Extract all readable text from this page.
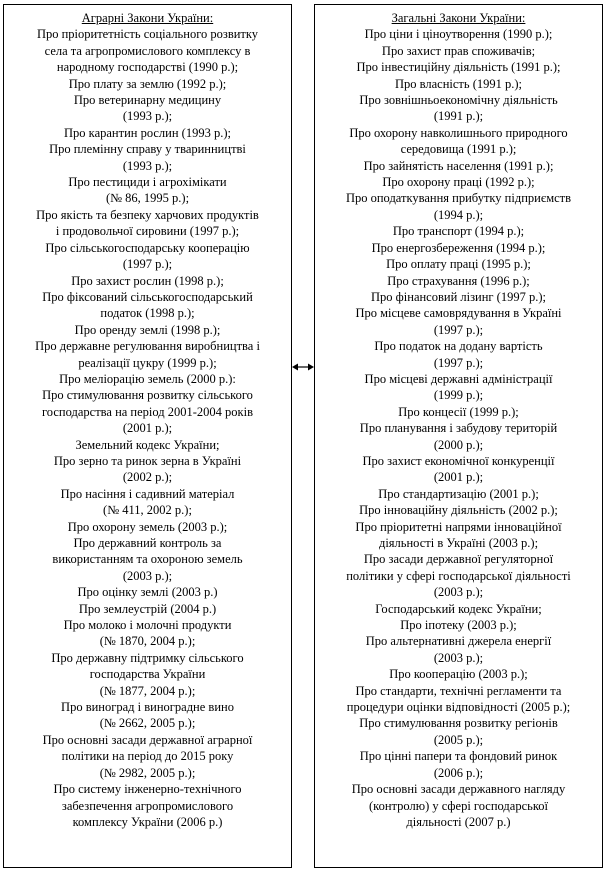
Аграрні Закони України:
Про пріоритетність соціального розвитку
села та агропромислового комплексу в
народному господарстві (1990 р.);
Про плату за землю (1992 р.);
Про ветеринарну медицину
(1993 р.);
Про карантин рослин (1993 р.);
Про племінну справу у тваринництві
(1993 р.);
Про пестициди і агрохімікати
(№ 86, 1995 р.);
Про якість та безпеку харчових продуктів
і продовольчої сировини (1997 р.);
Про сільськогосподарську кооперацію
(1997 р.);
Про захист рослин (1998 р.);
Про фіксований сільськогосподарський
податок (1998 р.);
Про оренду землі (1998 р.);
Про державне регулювання виробництва і
реалізації цукру (1999 р.);
Про меліорацію земель (2000 р.):
Про стимулювання розвитку сільського
господарства на період 2001-2004 років
(2001 р.);
Земельний кодекс України;
Про зерно та ринок зерна в Україні
(2002 р.);
Про насіння і садивний матеріал
(№ 411, 2002 р.);
Про охорону земель (2003 р.);
Про державний контроль за
використанням та охороною земель
(2003 р.);
Про оцінку землі (2003 р.)
Про землеустрій (2004 р.)
Про молоко і молочні продукти
(№ 1870, 2004 р.);
Про державну підтримку сільського
господарства України
(№ 1877, 2004 р.);
Про виноград і виноградне вино
(№ 2662, 2005 р.);
Про основні засади державної аграрної
політики на період до 2015 року
(№ 2982, 2005 р.);
Про систему інженерно-технічного
забезпечення агропромислового
комплексу України (2006 р.)
Загальні Закони України:
Про ціни і ціноутворення (1990 р.);
Про захист прав споживачів;
Про інвестиційну діяльність (1991 р.);
Про власність (1991 р.);
Про зовнішньоекономічну діяльність
(1991 р.);
Про охорону навколишнього природного
середовища (1991 р.);
Про зайнятість населення (1991 р.);
Про охорону праці (1992 р.);
Про оподаткування прибутку підприємств
(1994 р.);
Про транспорт (1994 р.);
Про енергозбереження (1994 р.);
Про оплату праці (1995 р.);
Про страхування (1996 р.);
Про фінансовий лізинг (1997 р.);
Про місцеве самоврядування в Україні
(1997 р.);
Про податок на додану вартість
(1997 р.);
Про місцеві державні адміністрації
(1999 р.);
Про концесії (1999 р.);
Про планування і забудову територій
(2000 р.);
Про захист економічної конкуренції
(2001 р.);
Про стандартизацію (2001 р.);
Про інноваційну діяльність (2002 р.);
Про пріоритетні напрями інноваційної
діяльності в Україні (2003 р.);
Про засади державної регуляторної
політики у сфері господарської діяльності
(2003 р.);
Господарський кодекс України;
Про іпотеку (2003 р.);
Про альтернативні джерела енергії
(2003 р.);
Про кооперацію (2003 р.);
Про стандарти, технічні регламенти та
процедури оцінки відповідності (2005 р.);
Про стимулювання розвитку регіонів
(2005 р.);
Про цінні папери та фондовий ринок
(2006 р.);
Про основні засади державного нагляду
(контролю) у сфері господарської
діяльності (2007 р.)
